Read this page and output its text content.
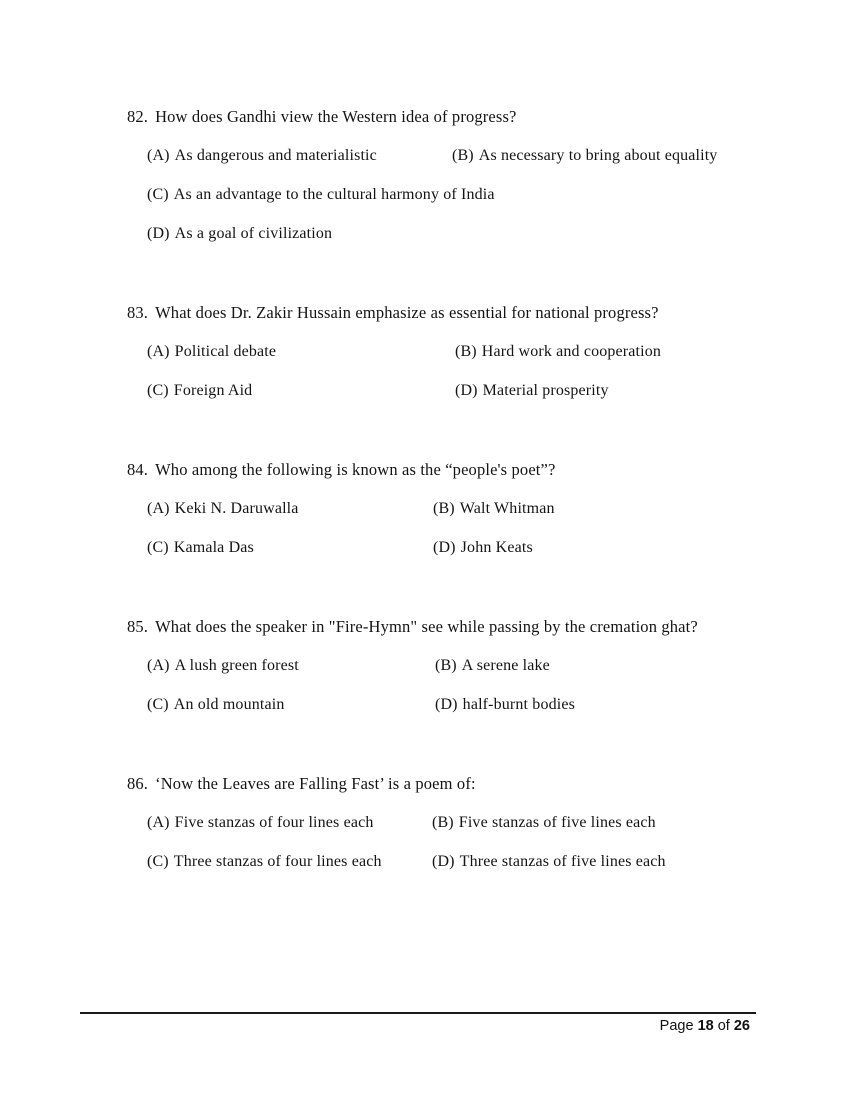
82. How does Gandhi view the Western idea of progress?
(A) As dangerous and materialistic	(B) As necessary to bring about equality
(C) As an advantage to the cultural harmony of India
(D) As a goal of civilization
83. What does Dr. Zakir Hussain emphasize as essential for national progress?
(A) Political debate	(B) Hard work and cooperation
(C) Foreign Aid	(D) Material prosperity
84. Who among the following is known as the “people's poet”?
(A) Keki N. Daruwalla	(B) Walt Whitman
(C) Kamala Das	(D) John Keats
85. What does the speaker in "Fire-Hymn" see while passing by the cremation ghat?
(A) A lush green forest	(B) A serene lake
(C) An old mountain	(D) half-burnt bodies
86. ‘Now the Leaves are Falling Fast’ is a poem of:
(A) Five stanzas of four lines each	(B) Five stanzas of five lines each
(C) Three stanzas of four lines each	(D) Three stanzas of five lines each
Page 18 of 26
